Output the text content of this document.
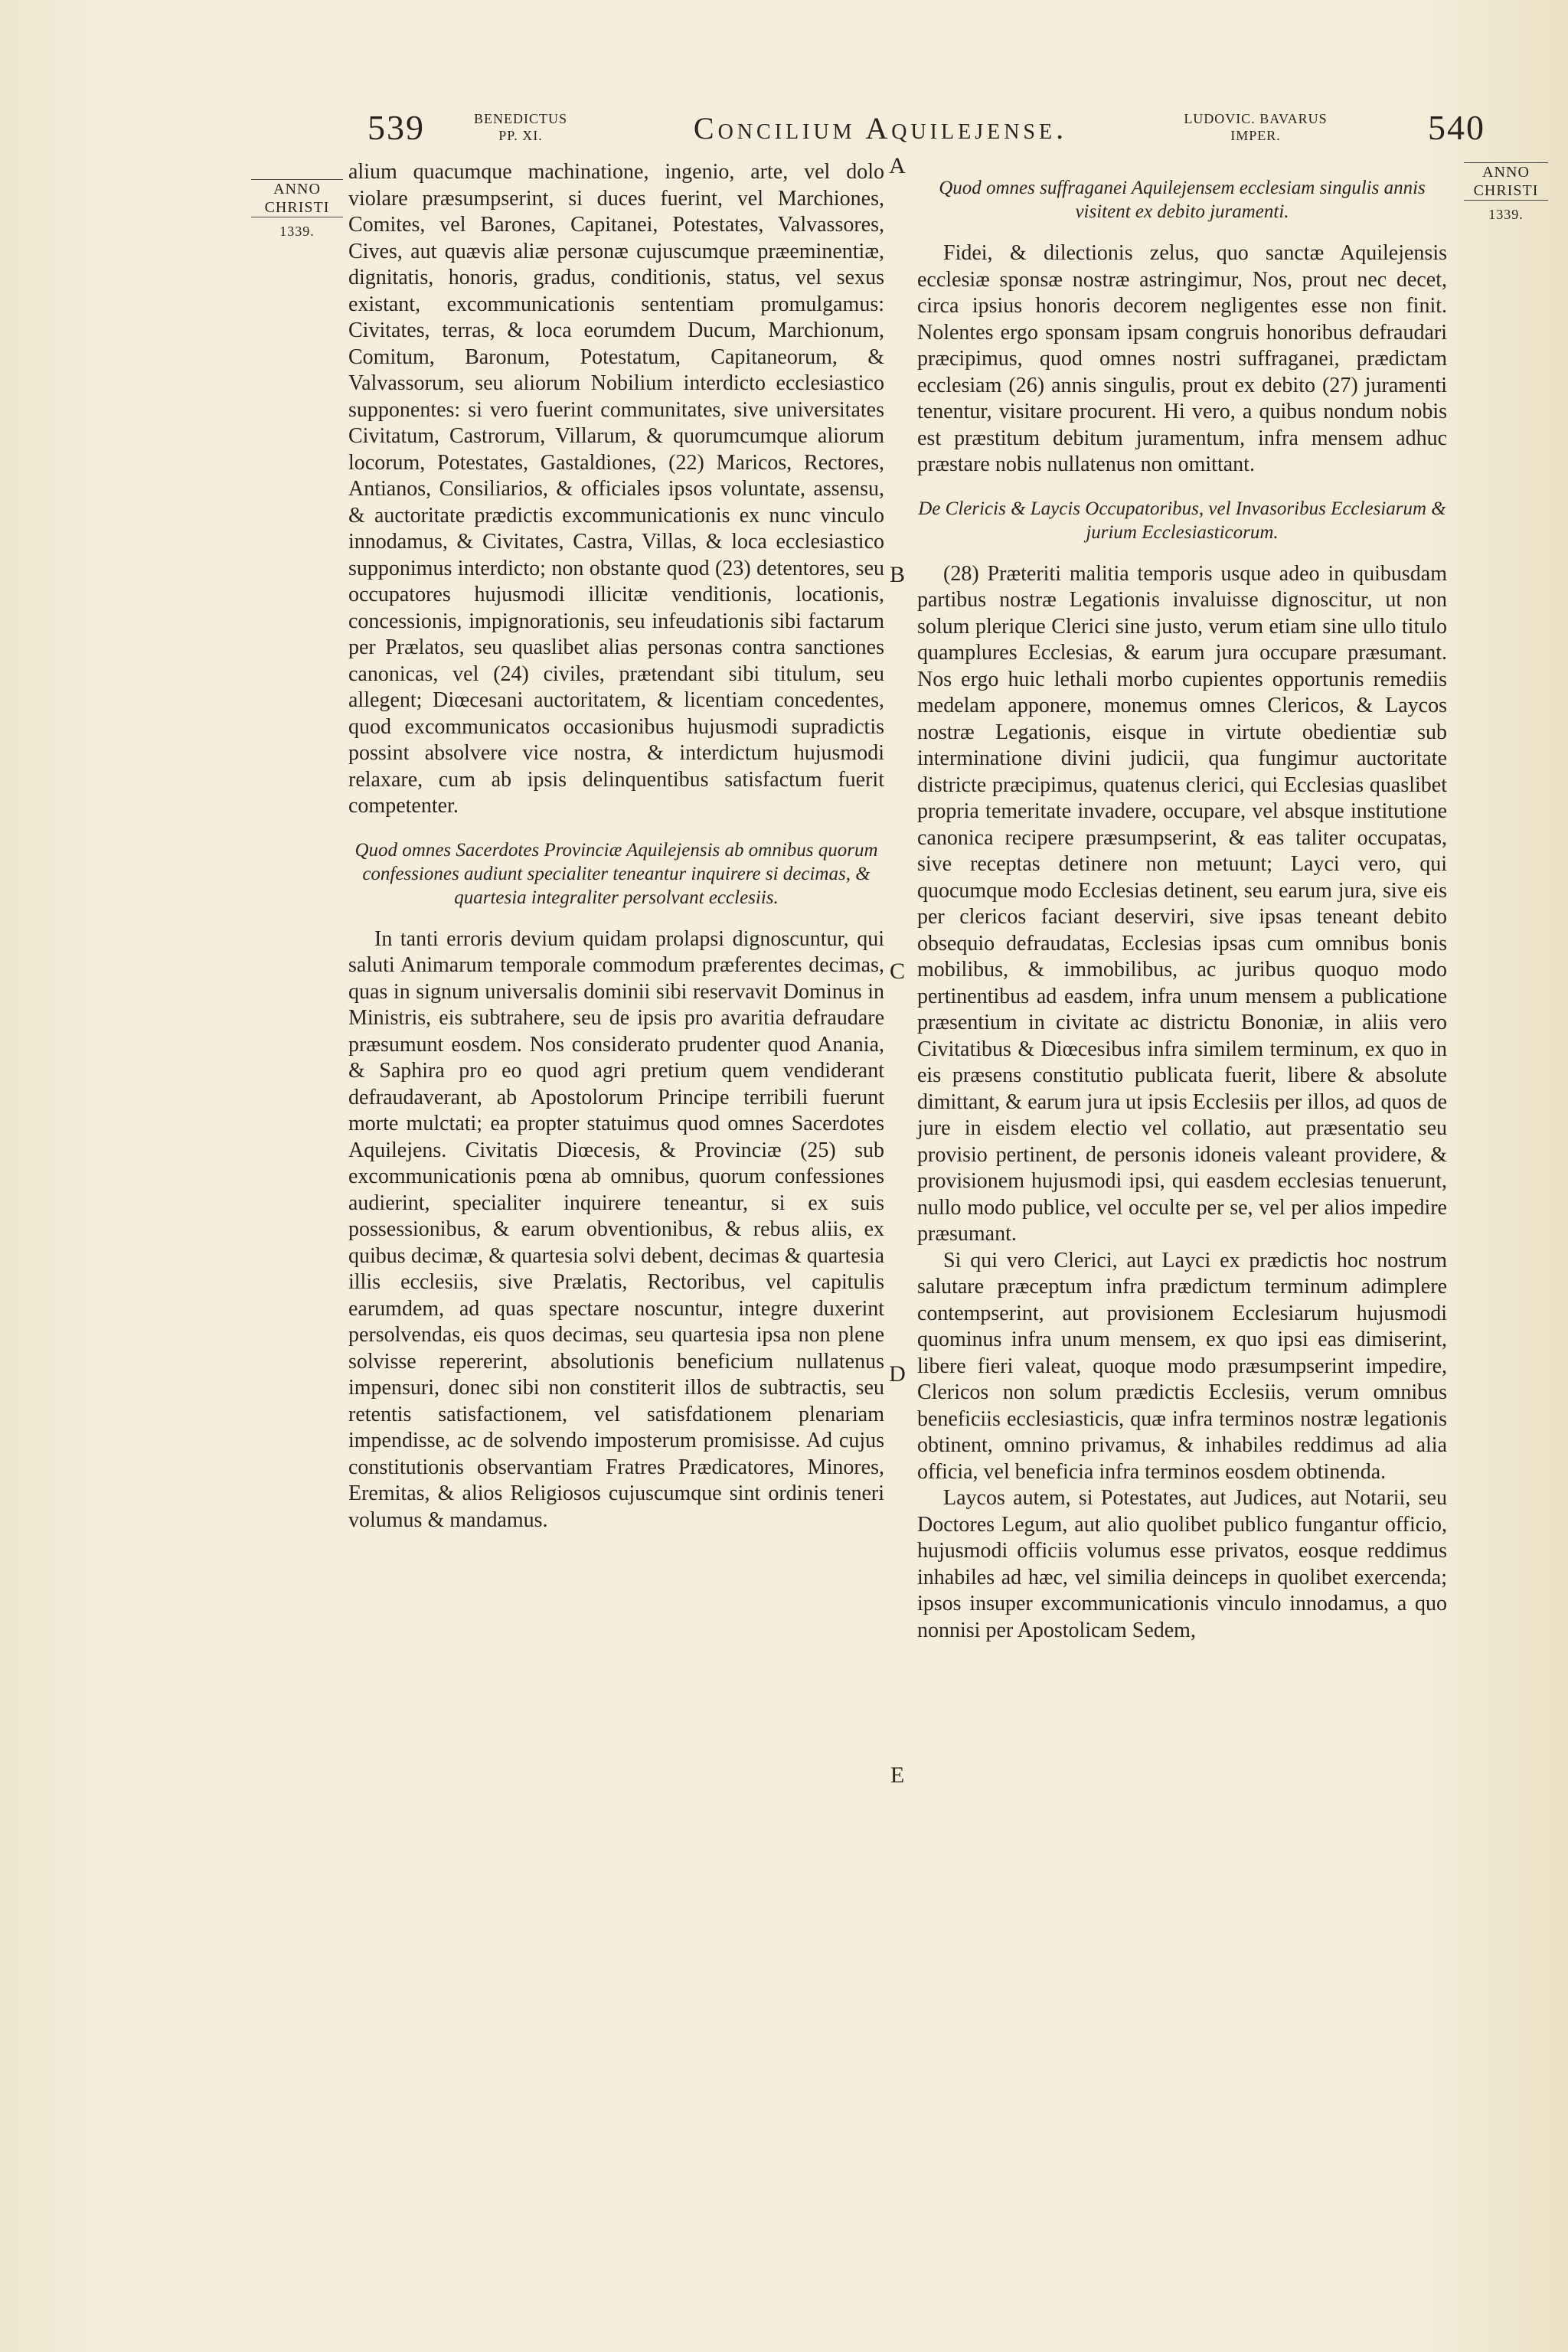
539	BENEDICTUS
PP. XI.	Concilium Aquilejense.	LUDOVIC. BAVARUS
IMPER.	540
ANNO
CHRISTI
1339.
ANNO
CHRISTI
1339.
A
B
C
D
E

alium quacumque machinatione, ingenio, arte, vel dolo violare præsumpserint, si duces fuerint, vel Marchiones, Comites, vel Barones, Capitanei, Potestates, Valvassores, Cives, aut quævis aliæ personæ cujuscumque præeminentiæ, dignitatis, honoris, gradus, conditionis, status, vel sexus existant, excommunicationis sententiam promulgamus: Civitates, terras, & loca eorumdem Ducum, Marchionum, Comitum, Baronum, Potestatum, Capitaneorum, & Valvassorum, seu aliorum Nobilium interdicto ecclesiastico supponentes: si vero fuerint communitates, sive universitates Civitatum, Castrorum, Villarum, & quorumcumque aliorum locorum, Potestates, Gastaldiones, (22) Maricos, Rectores, Antianos, Consiliarios, & officiales ipsos voluntate, assensu, & auctoritate prædictis excommunicationis ex nunc vinculo innodamus, & Civitates, Castra, Villas, & loca ecclesiastico supponimus interdicto; non obstante quod (23) detentores, seu occupatores hujusmodi illicitæ venditionis, locationis, concessionis, impignorationis, seu infeudationis sibi factarum per Prælatos, seu quaslibet alias personas contra sanctiones canonicas, vel (24) civiles, prætendant sibi titulum, seu allegent; Diœcesani auctoritatem, & licentiam concedentes, quod excommunicatos occasionibus hujusmodi supradictis possint absolvere vice nostra, & interdictum hujusmodi relaxare, cum ab ipsis delinquentibus satisfactum fuerit competenter.

Quod omnes Sacerdotes Provinciæ Aquilejensis ab omnibus quorum confessiones audiunt specialiter teneantur inquirere si decimas, & quartesia integraliter persolvant ecclesiis.

In tanti erroris devium quidam prolapsi dignoscuntur, qui saluti Animarum temporale commodum præferentes decimas, quas in signum universalis dominii sibi reservavit Dominus in Ministris, eis subtrahere, seu de ipsis pro avaritia defraudare præsumunt eosdem. Nos considerato prudenter quod Anania, & Saphira pro eo quod agri pretium quem vendiderant defraudaverant, ab Apostolorum Principe terribili fuerunt morte mulctati; ea propter statuimus quod omnes Sacerdotes Aquilejens. Civitatis Diœcesis, & Provinciæ (25) sub excommunicationis pœna ab omnibus, quorum confessiones audierint, specialiter inquirere teneantur, si ex suis possessionibus, & earum obventionibus, & rebus aliis, ex quibus decimæ, & quartesia solvi debent, decimas & quartesia illis ecclesiis, sive Prælatis, Rectoribus, vel capitulis earumdem, ad quas spectare noscuntur, integre duxerint persolvendas, eis quos decimas, seu quartesia ipsa non plene solvisse repererint, absolutionis beneficium nullatenus impensuri, donec sibi non constiterit illos de subtractis, seu retentis satisfactionem, vel satisfdationem plenariam impendisse, ac de solvendo imposterum promisisse. Ad cujus constitutionis observantiam Fratres Prædicatores, Minores, Eremitas, & alios Religiosos cujuscumque sint ordinis teneri volumus & mandamus.

Quod omnes suffraganei Aquilejensem ecclesiam singulis annis visitent ex debito juramenti.

Fidei, & dilectionis zelus, quo sanctæ Aquilejensis ecclesiæ sponsæ nostræ astringimur, Nos, prout nec decet, circa ipsius honoris decorem negligentes esse non finit. Nolentes ergo sponsam ipsam congruis honoribus defraudari præcipimus, quod omnes nostri suffraganei, prædictam ecclesiam (26) annis singulis, prout ex debito (27) juramenti tenentur, visitare procurent. Hi vero, a quibus nondum nobis est præstitum debitum juramentum, infra mensem adhuc præstare nobis nullatenus non omittant.

De Clericis & Laycis Occupatoribus, vel Invasoribus Ecclesiarum & jurium Ecclesiasticorum.

(28) Præteriti malitia temporis usque adeo in quibusdam partibus nostræ Legationis invaluisse dignoscitur, ut non solum plerique Clerici sine justo, verum etiam sine ullo titulo quamplures Ecclesias, & earum jura occupare præsumant. Nos ergo huic lethali morbo cupientes opportunis remediis medelam apponere, monemus omnes Clericos, & Laycos nostræ Legationis, eisque in virtute obedientiæ sub interminatione divini judicii, qua fungimur auctoritate districte præcipimus, quatenus clerici, qui Ecclesias quaslibet propria temeritate invadere, occupare, vel absque institutione canonica recipere præsumpserint, & eas taliter occupatas, sive receptas detinere non metuunt; Layci vero, qui quocumque modo Ecclesias detinent, seu earum jura, sive eis per clericos faciant deserviri, sive ipsas teneant debito obsequio defraudatas, Ecclesias ipsas cum omnibus bonis mobilibus, & immobilibus, ac juribus quoquo modo pertinentibus ad easdem, infra unum mensem a publicatione præsentium in civitate ac districtu Bononiæ, in aliis vero Civitatibus & Diœcesibus infra similem terminum, ex quo in eis præsens constitutio publicata fuerit, libere & absolute dimittant, & earum jura ut ipsis Ecclesiis per illos, ad quos de jure in eisdem electio vel collatio, aut præsentatio seu provisio pertinent, de personis idoneis valeant providere, & provisionem hujusmodi ipsi, qui easdem ecclesias tenuerunt, nullo modo publice, vel occulte per se, vel per alios impedire præsumant.

Si qui vero Clerici, aut Layci ex prædictis hoc nostrum salutare præceptum infra prædictum terminum adimplere contempserint, aut provisionem Ecclesiarum hujusmodi quominus infra unum mensem, ex quo ipsi eas dimiserint, libere fieri valeat, quoque modo præsumpserint impedire, Clericos non solum prædictis Ecclesiis, verum omnibus beneficiis ecclesiasticis, quæ infra terminos nostræ legationis obtinent, omnino privamus, & inhabiles reddimus ad alia officia, vel beneficia infra terminos eosdem obtinenda.

Laycos autem, si Potestates, aut Judices, aut Notarii, seu Doctores Legum, aut alio quolibet publico fungantur officio, hujusmodi officiis volumus esse privatos, eosque reddimus inhabiles ad hæc, vel similia deinceps in quolibet exercenda; ipsos insuper excommunicationis vinculo innodamus, a quo nonnisi per Apostolicam Sedem,
